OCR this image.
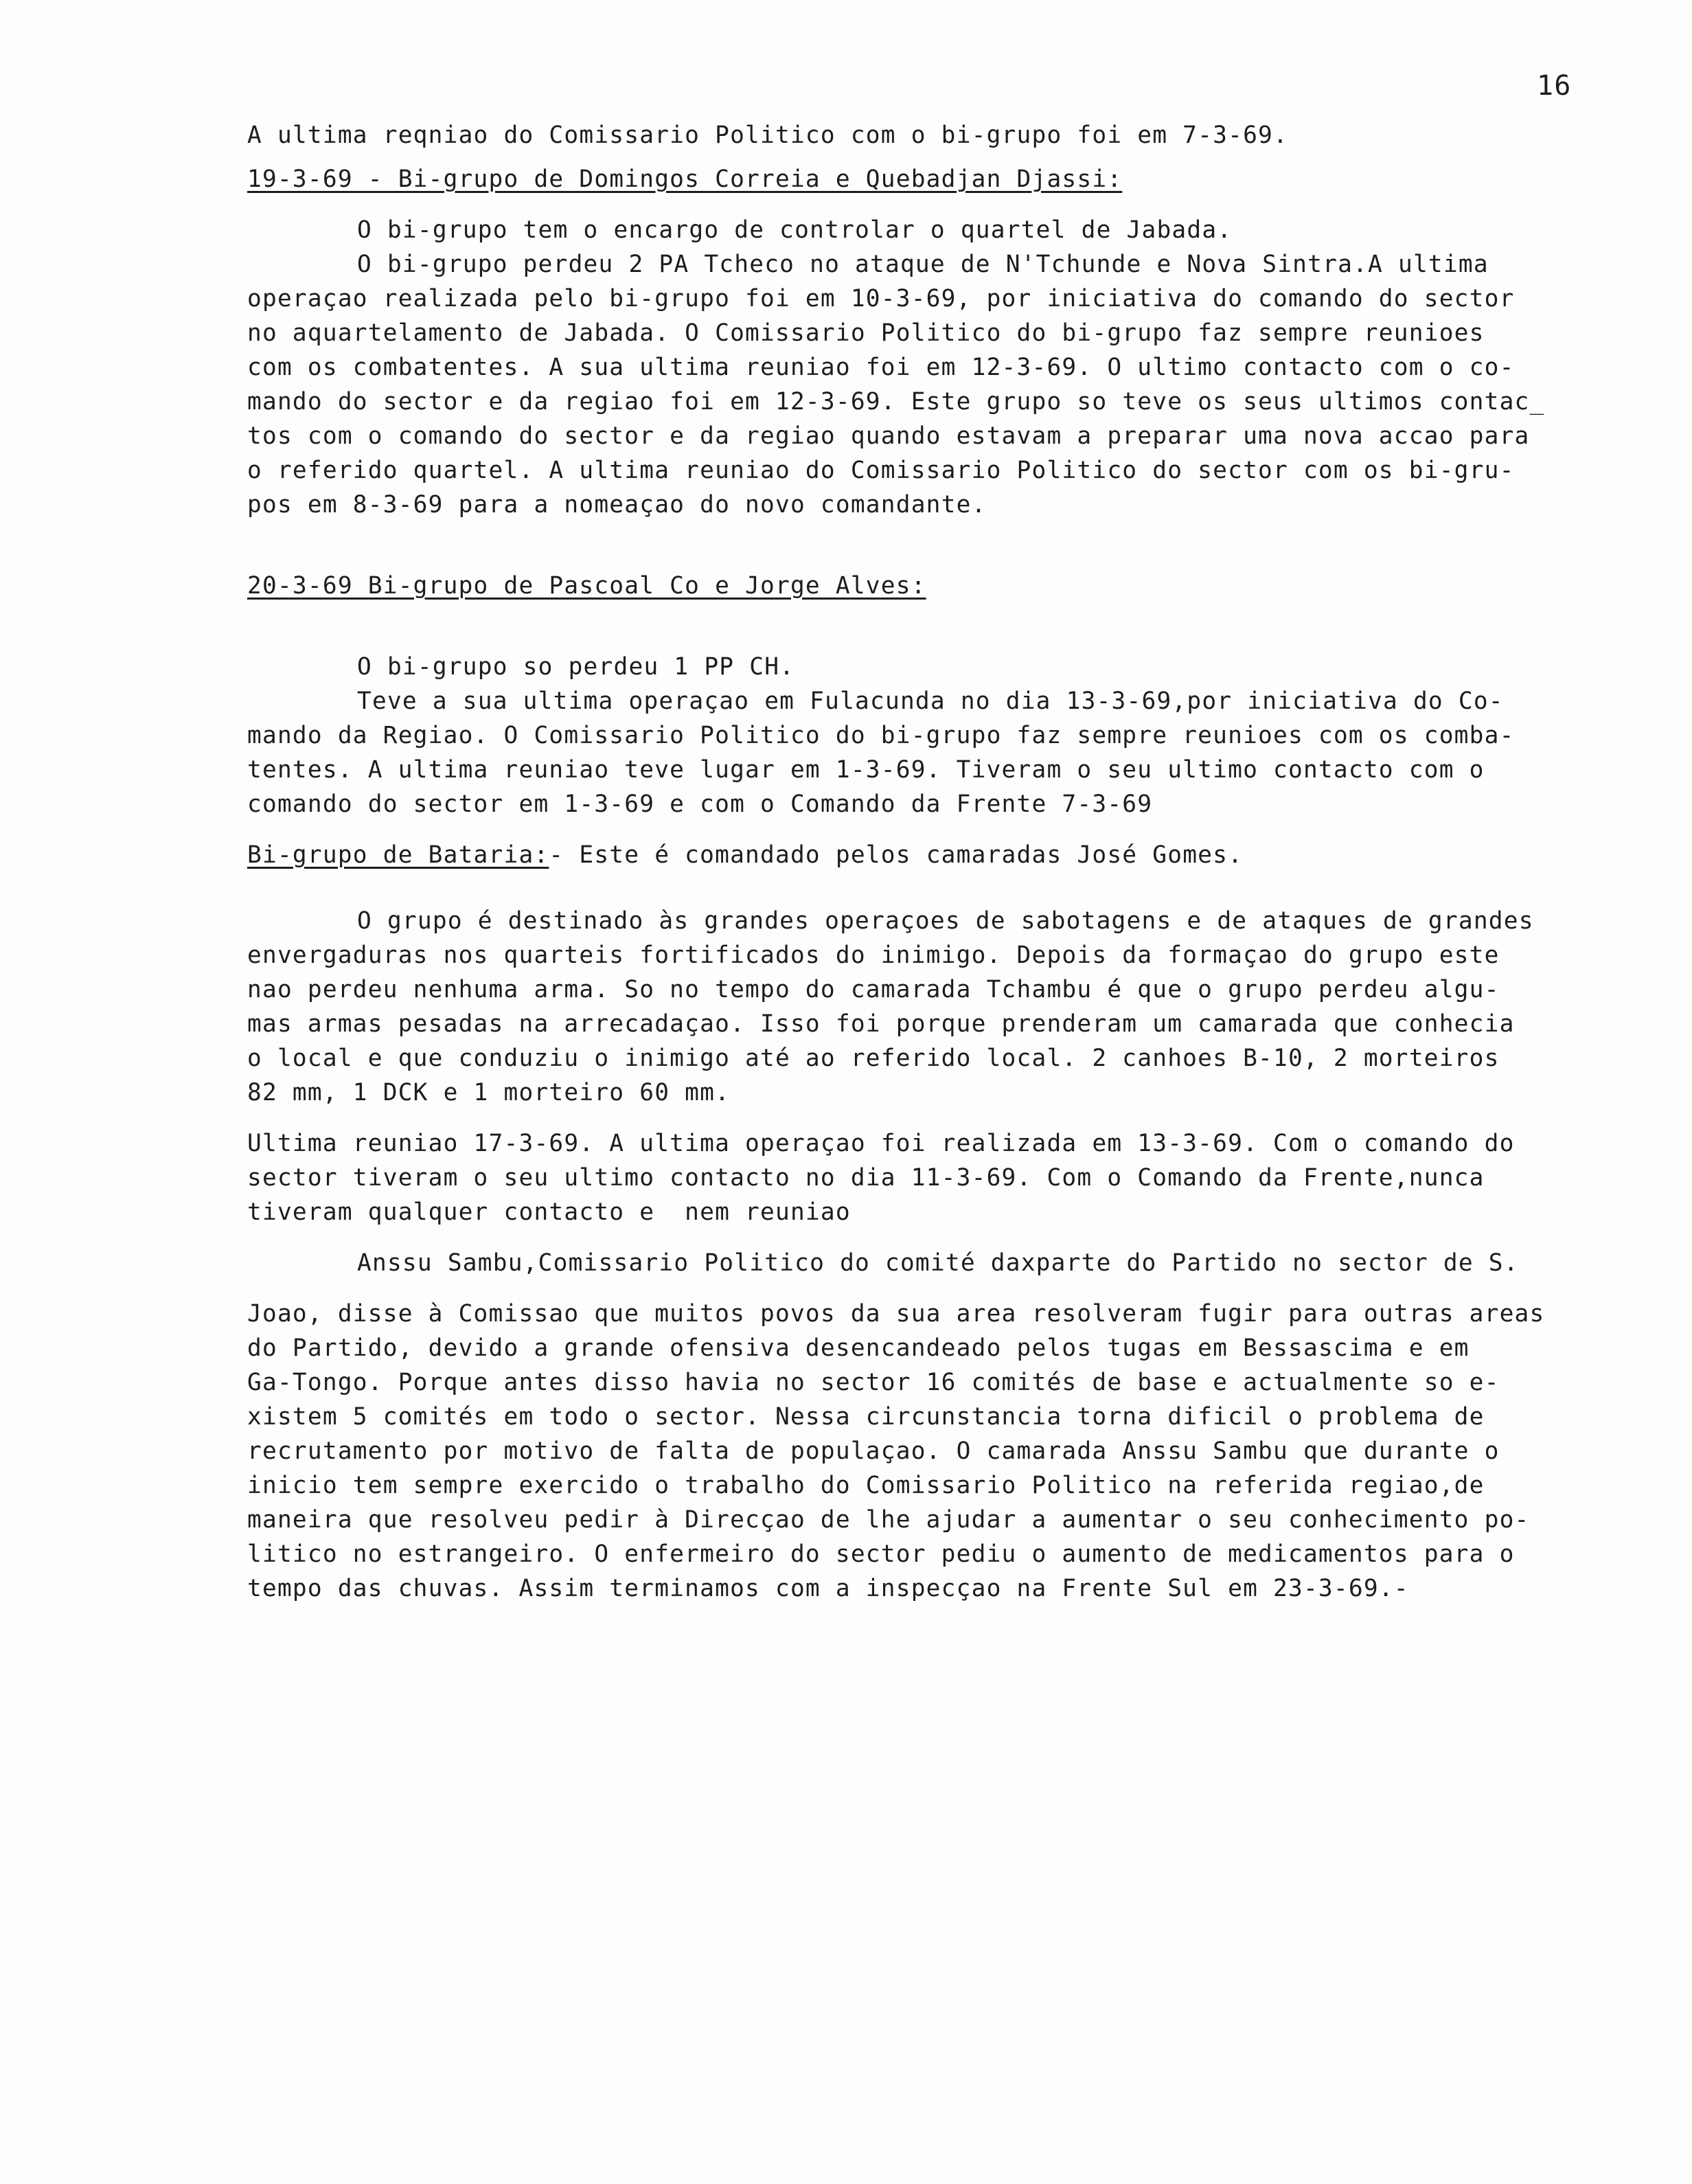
16

A ultima reqniao do Comissario Politico com o bi-grupo foi em 7-3-69.

19-3-69 - Bi-grupo de Domingos Correia e Quebadjan Djassi:

O bi-grupo tem o encargo de controlar o quartel de Jabada.

O bi-grupo perdeu 2 PA Tcheco no ataque de N'Tchunde e Nova Sintra.A ultima

operaçao realizada pelo bi-grupo foi em 10-3-69, por iniciativa do comando do sector

no aquartelamento de Jabada. O Comissario Politico do bi-grupo faz sempre reunioes

com os combatentes. A sua ultima reuniao foi em 12-3-69. O ultimo contacto com o co-

mando do sector e da regiao foi em 12-3-69. Este grupo so teve os seus ultimos contac_

tos com o comando do sector e da regiao quando estavam a preparar uma nova accao para

o referido quartel. A ultima reuniao do Comissario Politico do sector com os bi-gru-

pos em 8-3-69 para a nomeaçao do novo comandante.

20-3-69 Bi-grupo de Pascoal Co e Jorge Alves:

O bi-grupo so perdeu 1 PP CH.

Teve a sua ultima operaçao em Fulacunda no dia 13-3-69,por iniciativa do Co-

mando da Regiao. O Comissario Politico do bi-grupo faz sempre reunioes com os comba-

tentes. A ultima reuniao teve lugar em 1-3-69. Tiveram o seu ultimo contacto com o

comando do sector em 1-3-69 e com o Comando da Frente 7-3-69

Bi-grupo de Bataria:- Este é comandado pelos camaradas José Gomes.

O grupo é destinado às grandes operaçoes de sabotagens e de ataques de grandes

envergaduras nos quarteis fortificados do inimigo. Depois da formaçao do grupo este

nao perdeu nenhuma arma. So no tempo do camarada Tchambu é que o grupo perdeu algu-

mas armas pesadas na arrecadaçao. Isso foi porque prenderam um camarada que conhecia

o local e que conduziu o inimigo até ao referido local. 2 canhoes B-10, 2 morteiros

82 mm, 1 DCK e 1 morteiro 60 mm.

Ultima reuniao 17-3-69. A ultima operaçao foi realizada em 13-3-69. Com o comando do

sector tiveram o seu ultimo contacto no dia 11-3-69. Com o Comando da Frente,nunca

tiveram qualquer contacto e  nem reuniao

Anssu Sambu,Comissario Politico do comité daxparte do Partido no sector de S.

Joao, disse à Comissao que muitos povos da sua area resolveram fugir para outras areas

do Partido, devido a grande ofensiva desencandeado pelos tugas em Bessascima e em

Ga-Tongo. Porque antes disso havia no sector 16 comités de base e actualmente so e-

xistem 5 comités em todo o sector. Nessa circunstancia torna dificil o problema de

recrutamento por motivo de falta de populaçao. O camarada Anssu Sambu que durante o

inicio tem sempre exercido o trabalho do Comissario Politico na referida regiao,de

maneira que resolveu pedir à Direcçao de lhe ajudar a aumentar o seu conhecimento po-

litico no estrangeiro. O enfermeiro do sector pediu o aumento de medicamentos para o

tempo das chuvas. Assim terminamos com a inspecçao na Frente Sul em 23-3-69.-
